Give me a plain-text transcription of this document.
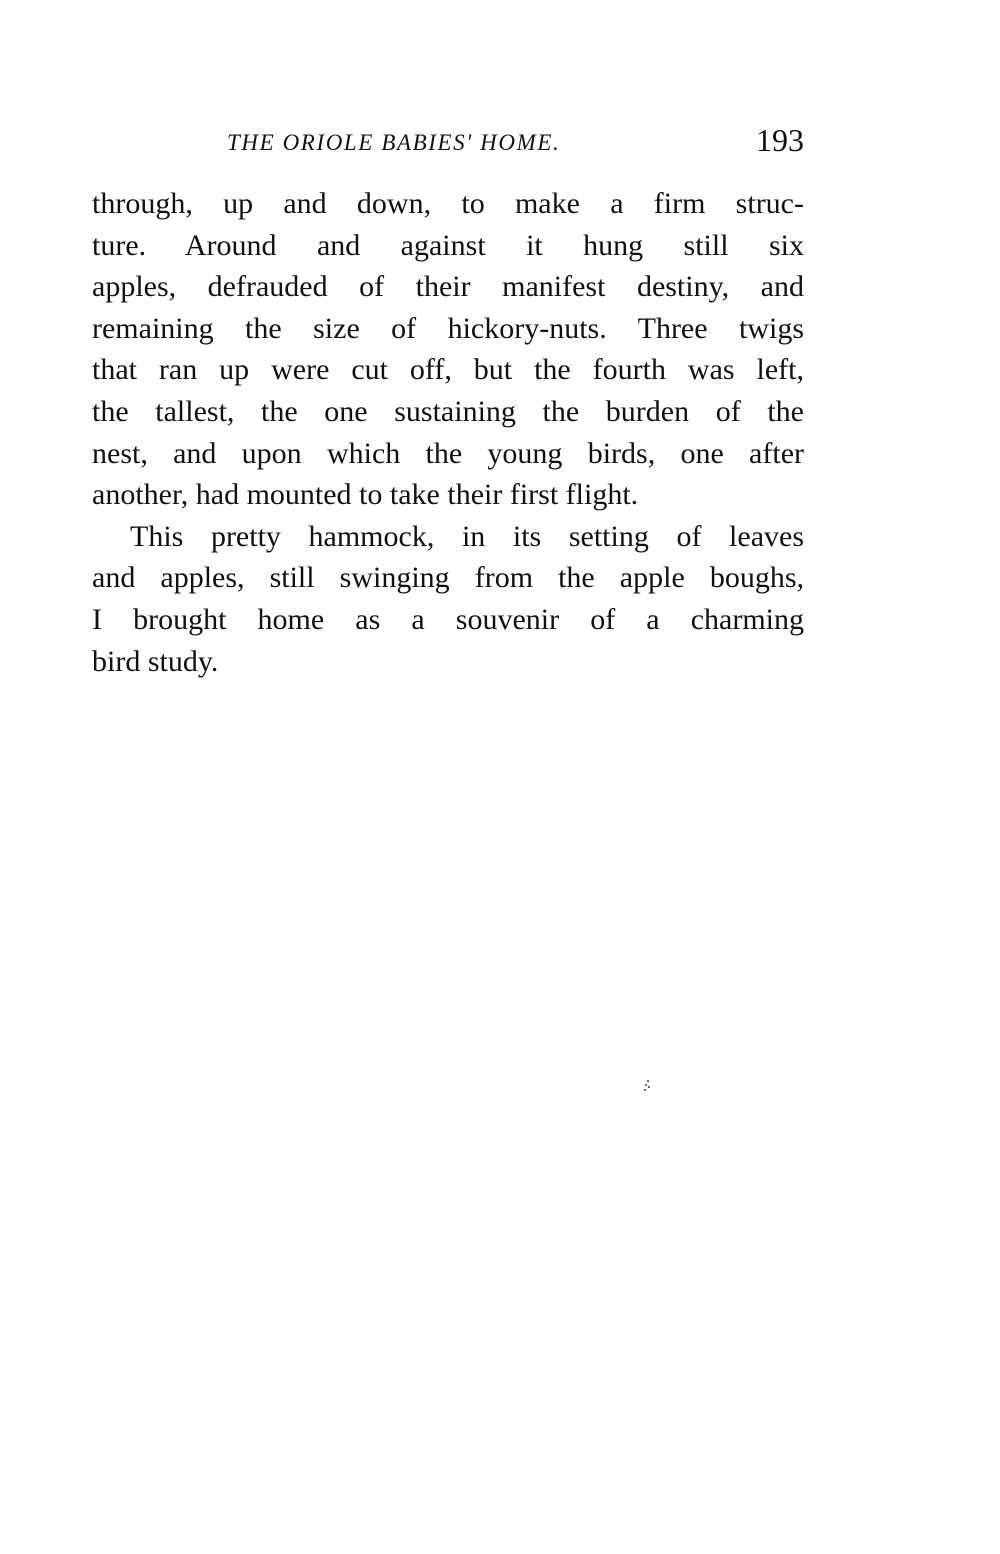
THE ORIOLE BABIES' HOME.	193
through, up and down, to make a firm struc-
ture. Around and against it hung still six
apples, defrauded of their manifest destiny, and
remaining the size of hickory-nuts. Three twigs
that ran up were cut off, but the fourth was left,
the tallest, the one sustaining the burden of the
nest, and upon which the young birds, one after
another, had mounted to take their first flight.
This pretty hammock, in its setting of leaves
and apples, still swinging from the apple boughs,
I brought home as a souvenir of a charming
bird study.
